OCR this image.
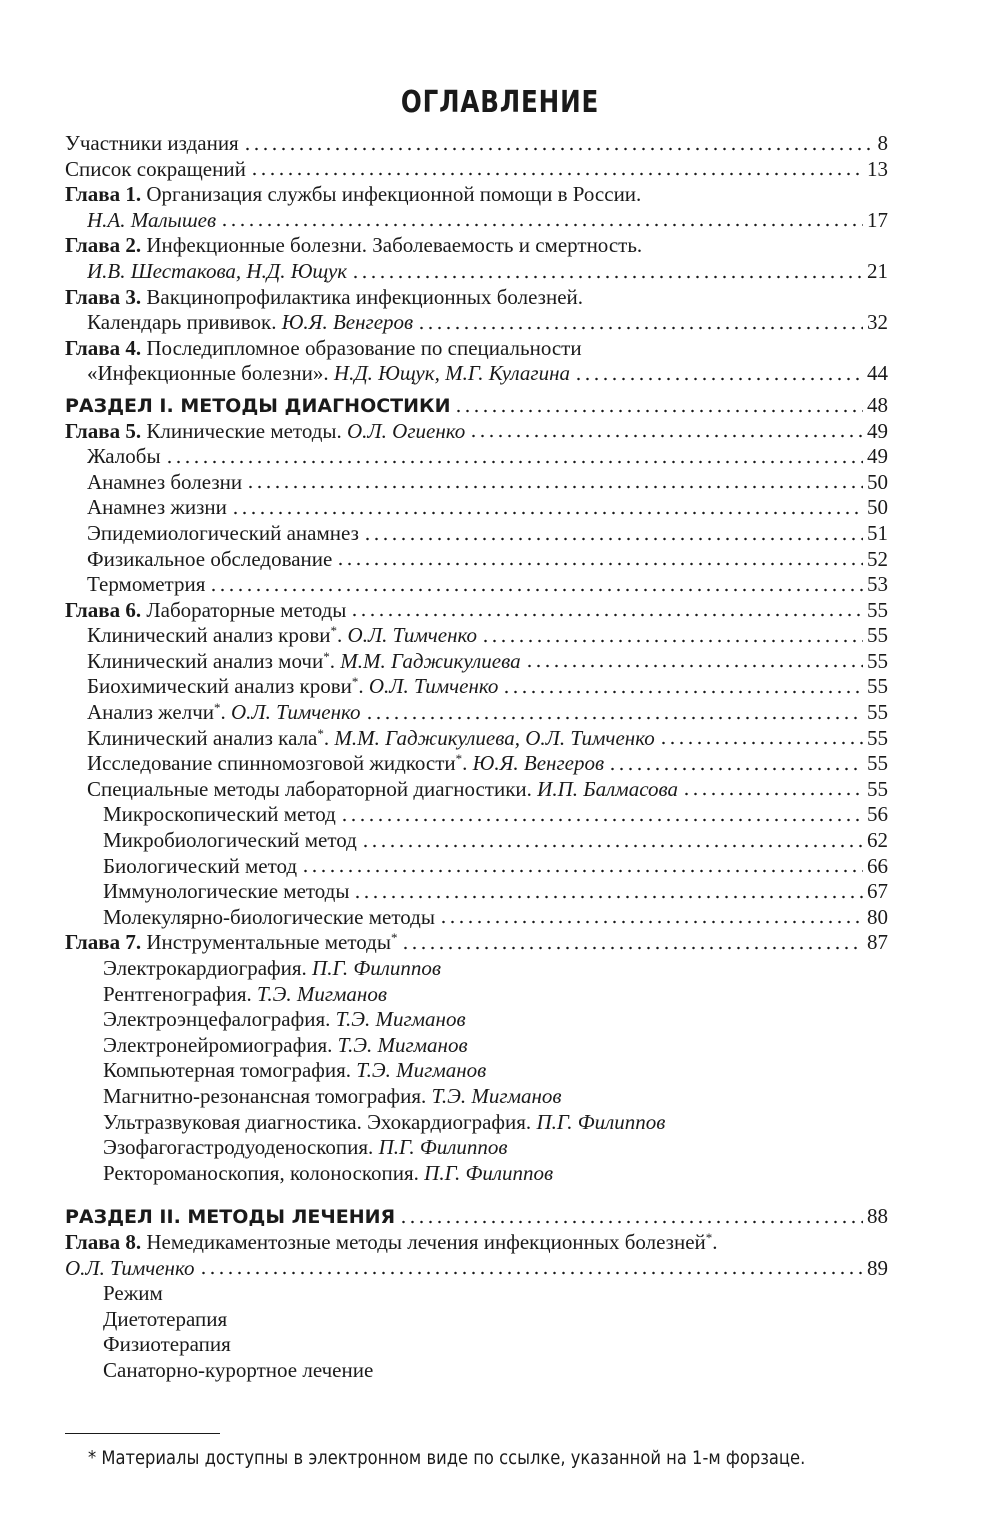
ОГЛАВЛЕНИЕ
Участники издания	8
Список сокращений	13
Глава 1. Организация службы инфекционной помощи в России.
Н.А. Малышев	17
Глава 2. Инфекционные болезни. Заболеваемость и смертность.
И.В. Шестакова, Н.Д. Ющук	21
Глава 3. Вакцинопрофилактика инфекционных болезней.
Календарь прививок. Ю.Я. Венгеров	32
Глава 4. Последипломное образование по специальности
«Инфекционные болезни». Н.Д. Ющук, М.Г. Кулагина	44
РАЗДЕЛ I. МЕТОДЫ ДИАГНОСТИКИ	48
Глава 5. Клинические методы. О.Л. Огиенко	49
Жалобы	49
Анамнез болезни	50
Анамнез жизни	50
Эпидемиологический анамнез	51
Физикальное обследование	52
Термометрия	53
Глава 6. Лабораторные методы	55
Клинический анализ крови*. О.Л. Тимченко	55
Клинический анализ мочи*. М.М. Гаджикулиева	55
Биохимический анализ крови*. О.Л. Тимченко	55
Анализ желчи*. О.Л. Тимченко	55
Клинический анализ кала*. М.М. Гаджикулиева, О.Л. Тимченко	55
Исследование спинномозговой жидкости*. Ю.Я. Венгеров	55
Специальные методы лабораторной диагностики. И.П. Балмасова	55
Микроскопический метод	56
Микробиологический метод	62
Биологический метод	66
Иммунологические методы	67
Молекулярно-биологические методы	80
Глава 7. Инструментальные методы*	87
Электрокардиография. П.Г. Филиппов
Рентгенография. Т.Э. Мигманов
Электроэнцефалография. Т.Э. Мигманов
Электронейромиография. Т.Э. Мигманов
Компьютерная томография. Т.Э. Мигманов
Магнитно-резонансная томография. Т.Э. Мигманов
Ультразвуковая диагностика. Эхокардиография. П.Г. Филиппов
Эзофагогастродуоденоскопия. П.Г. Филиппов
Ректороманоскопия, колоноскопия. П.Г. Филиппов
РАЗДЕЛ II. МЕТОДЫ ЛЕЧЕНИЯ	88
Глава 8. Немедикаментозные методы лечения инфекционных болезней*.
О.Л. Тимченко	89
Режим
Диетотерапия
Физиотерапия
Санаторно-курортное лечение
* Материалы доступны в электронном виде по ссылке, указанной на 1-м форзаце.
